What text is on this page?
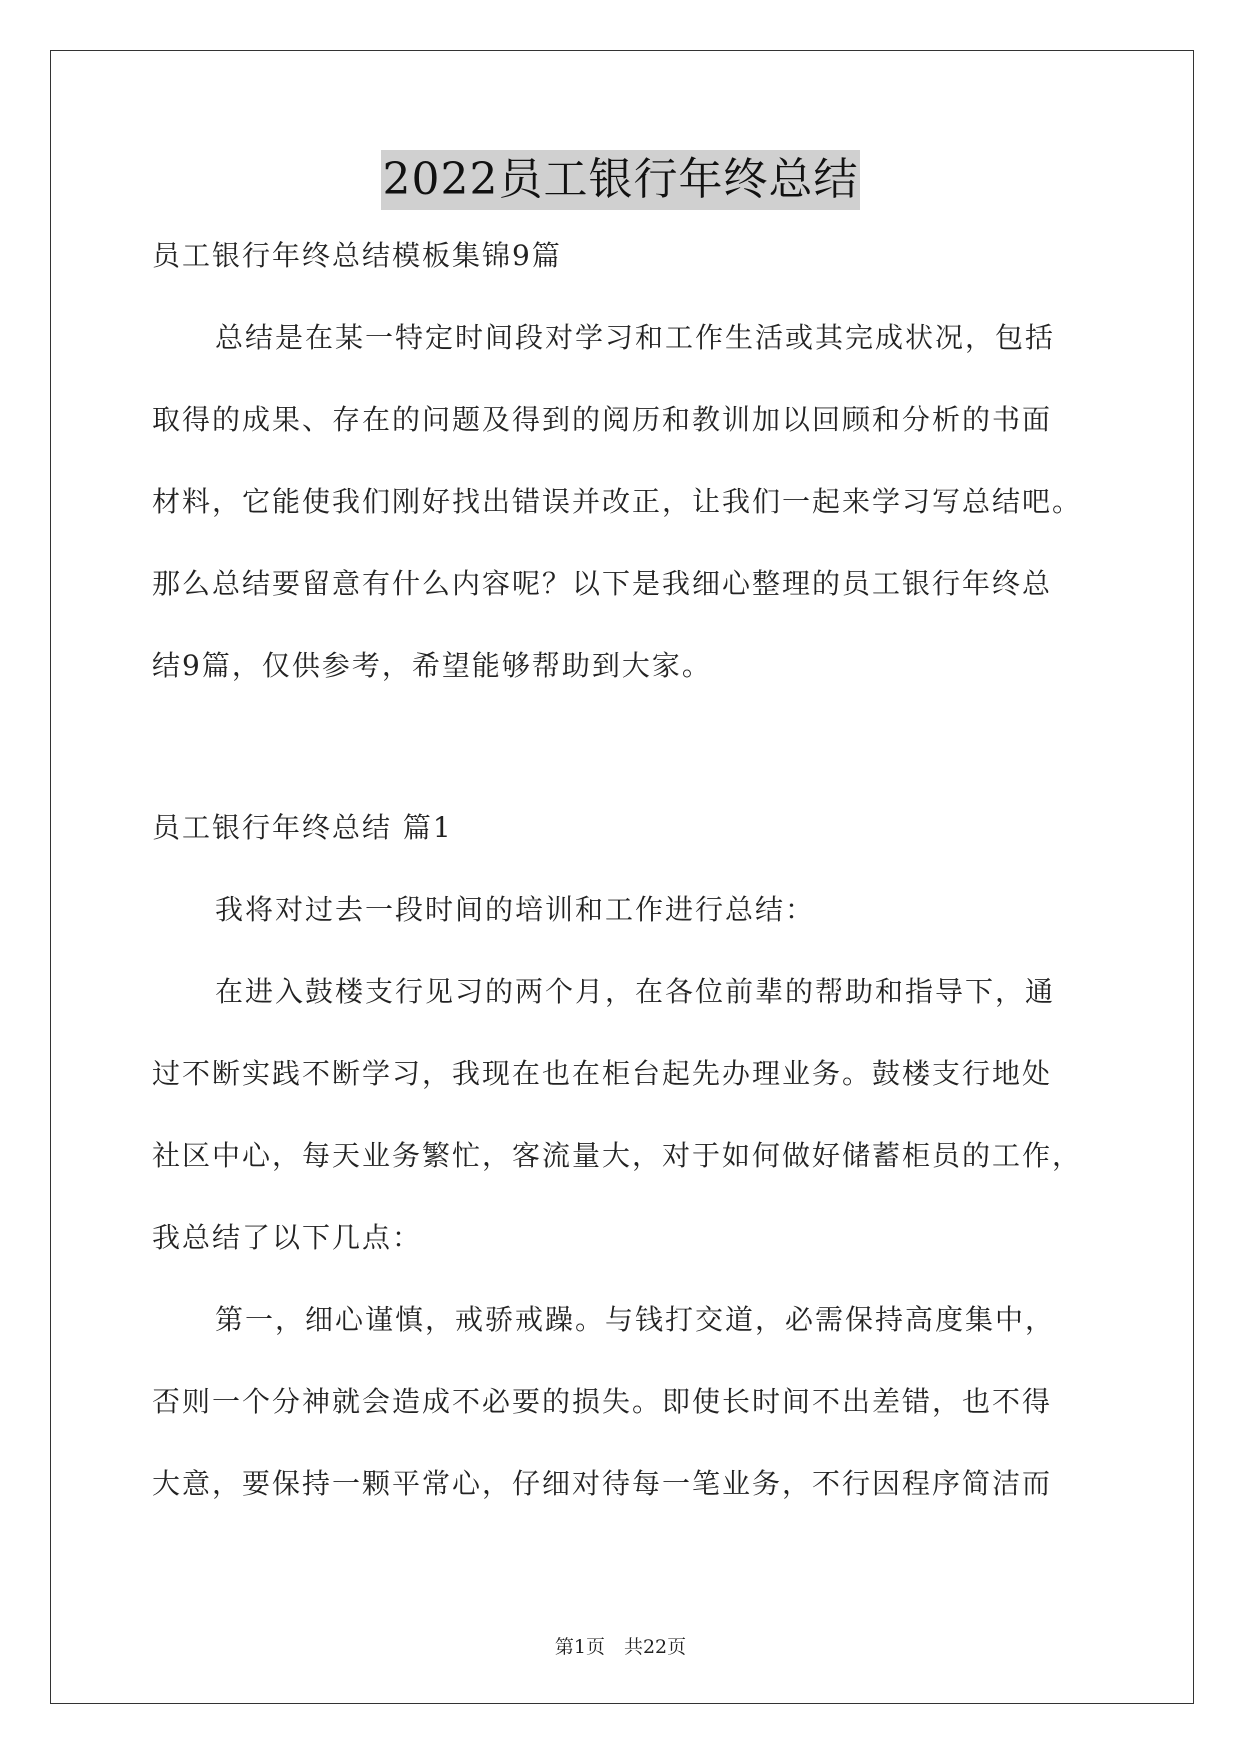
2022员工银行年终总结
员工银行年终总结模板集锦9篇
总结是在某一特定时间段对学习和工作生活或其完成状况，包括
取得的成果、存在的问题及得到的阅历和教训加以回顾和分析的书面
材料，它能使我们刚好找出错误并改正，让我们一起来学习写总结吧。
那么总结要留意有什么内容呢？以下是我细心整理的员工银行年终总
结9篇，仅供参考，希望能够帮助到大家。
员工银行年终总结 篇1
我将对过去一段时间的培训和工作进行总结：
在进入鼓楼支行见习的两个月，在各位前辈的帮助和指导下，通
过不断实践不断学习，我现在也在柜台起先办理业务。鼓楼支行地处
社区中心，每天业务繁忙，客流量大，对于如何做好储蓄柜员的工作，
我总结了以下几点：
第一，细心谨慎，戒骄戒躁。与钱打交道，必需保持高度集中，
否则一个分神就会造成不必要的损失。即使长时间不出差错，也不得
大意，要保持一颗平常心，仔细对待每一笔业务，不行因程序简洁而
第1页　共22页
